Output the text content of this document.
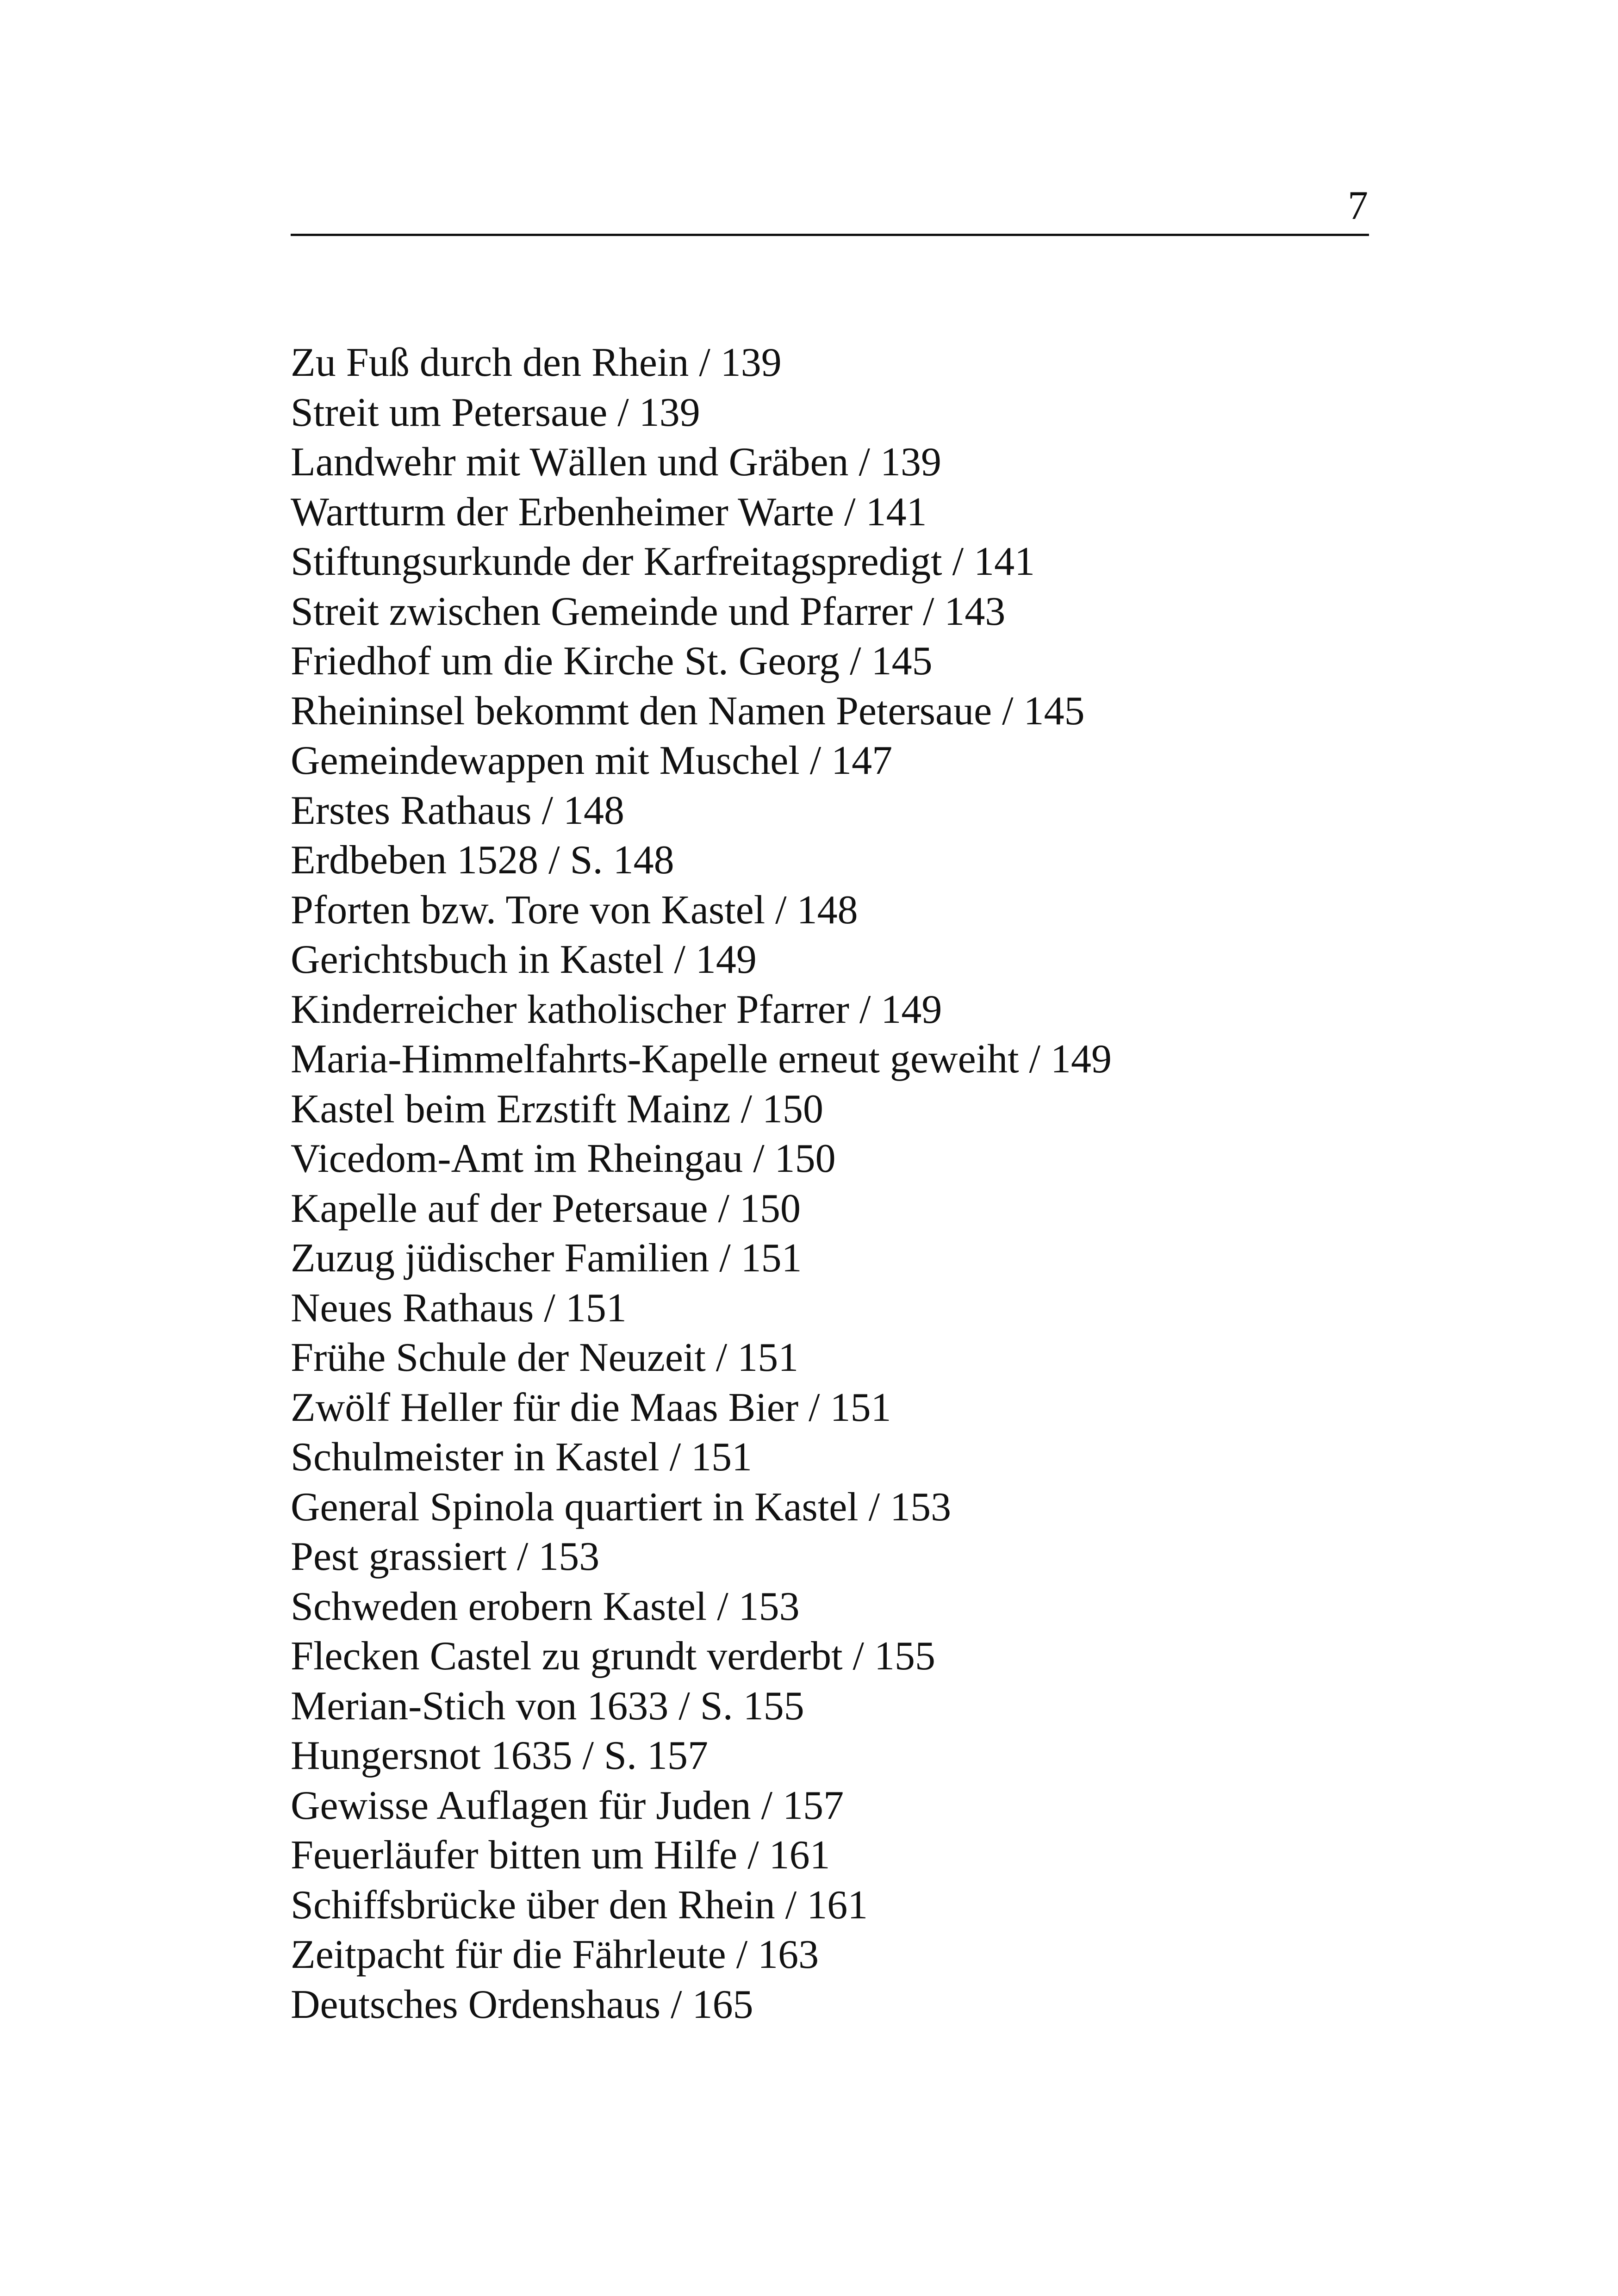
7
Zu Fuß durch den Rhein / 139
Streit um Petersaue / 139
Landwehr mit Wällen und Gräben / 139
Wartturm der Erbenheimer Warte / 141
Stiftungsurkunde der Karfreitagspredigt / 141
Streit zwischen Gemeinde und Pfarrer / 143
Friedhof um die Kirche St. Georg / 145
Rheininsel bekommt den Namen Petersaue / 145
Gemeindewappen mit Muschel / 147
Erstes Rathaus / 148
Erdbeben 1528 / S. 148
Pforten bzw. Tore von Kastel / 148
Gerichtsbuch in Kastel / 149
Kinderreicher katholischer Pfarrer / 149
Maria-Himmelfahrts-Kapelle erneut geweiht / 149
Kastel beim Erzstift Mainz / 150
Vicedom-Amt im Rheingau / 150
Kapelle auf der Petersaue / 150
Zuzug jüdischer Familien / 151
Neues Rathaus / 151
Frühe Schule der Neuzeit / 151
Zwölf Heller für die Maas Bier / 151
Schulmeister in Kastel / 151
General Spinola quartiert in Kastel / 153
Pest grassiert / 153
Schweden erobern Kastel / 153
Flecken Castel zu grundt verderbt / 155
Merian-Stich von 1633 / S. 155
Hungersnot 1635 / S. 157
Gewisse Auflagen für Juden / 157
Feuerläufer bitten um Hilfe / 161
Schiffsbrücke über den Rhein / 161
Zeitpacht für die Fährleute / 163
Deutsches Ordenshaus / 165
